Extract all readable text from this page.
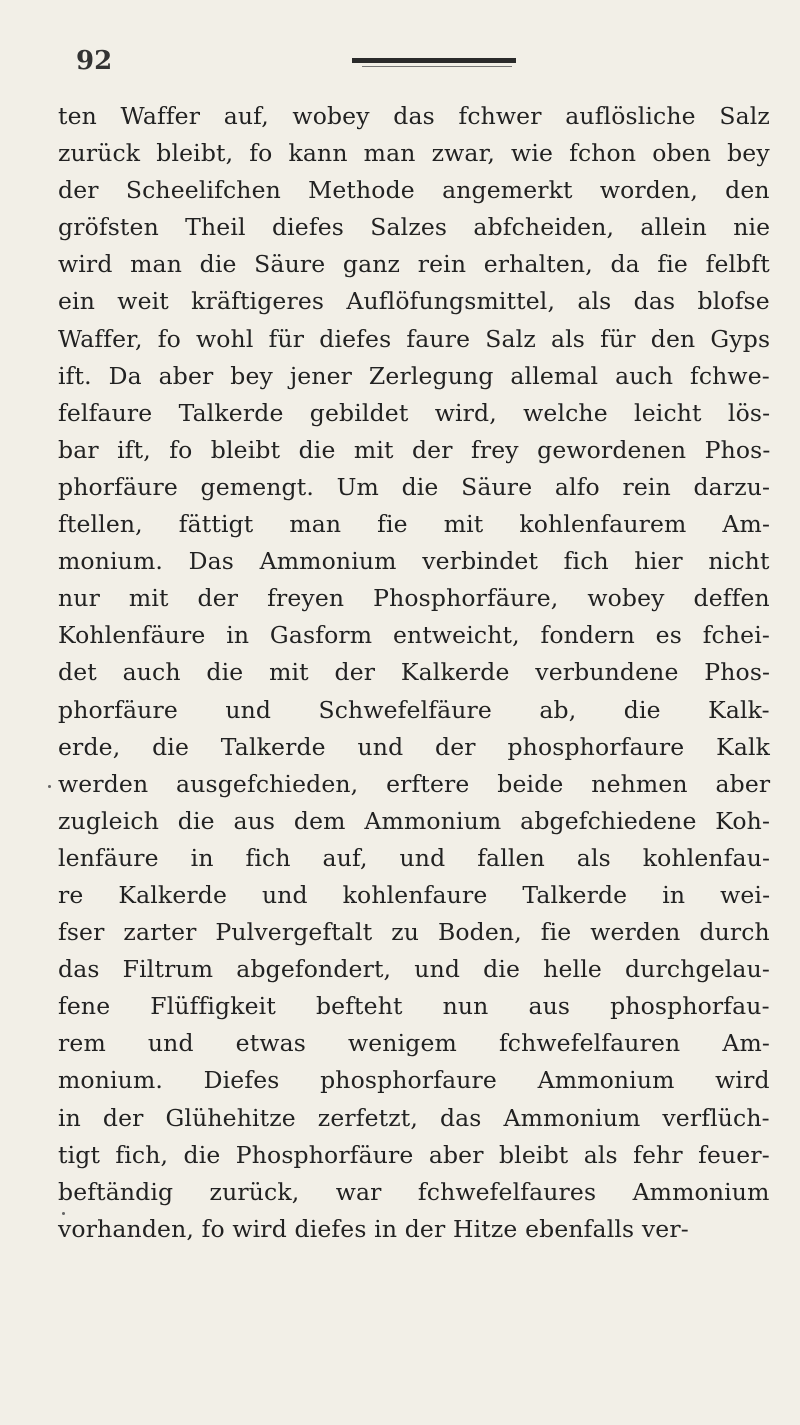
92
ten Waffer auf, wobey das fchwer auflösliche Salz
zurück bleibt, fo kann man zwar, wie fchon oben bey
der Scheelifchen Methode angemerkt worden, den
gröfsten Theil diefes Salzes abfcheiden, allein nie
wird man die Säure ganz rein erhalten, da fie felbft
ein weit kräftigeres Auflöfungsmittel, als das blofse
Waffer, fo wohl für diefes faure Salz als für den Gyps
ift. Da aber bey jener Zerlegung allemal auch fchwe-
felfaure Talkerde gebildet wird, welche leicht lös-
bar ift, fo bleibt die mit der frey gewordenen Phos-
phorfäure gemengt. Um die Säure alfo rein darzu-
ftellen, fättigt man fie mit kohlenfaurem Am-
monium. Das Ammonium verbindet fich hier nicht
nur mit der freyen Phosphorfäure, wobey deffen
Kohlenfäure in Gasform entweicht, fondern es fchei-
det auch die mit der Kalkerde verbundene Phos-
phorfäure und Schwefelfäure ab, die Kalk-
erde, die Talkerde und der phosphorfaure Kalk
werden ausgefchieden, erftere beide nehmen aber
zugleich die aus dem Ammonium abgefchiedene Koh-
lenfäure in fich auf, und fallen als kohlenfau-
re Kalkerde und kohlenfaure Talkerde in wei-
fser zarter Pulvergeftalt zu Boden, fie werden durch
das Filtrum abgefondert, und die helle durchgelau-
fene Flüffigkeit befteht nun aus phosphorfau-
rem und etwas wenigem fchwefelfauren Am-
monium. Diefes phosphorfaure Ammonium wird
in der Glühehitze zerfetzt, das Ammonium verflüch-
tigt fich, die Phosphorfäure aber bleibt als fehr feuer-
beftändig zurück, war fchwefelfaures Ammonium
vorhanden, fo wird diefes in der Hitze ebenfalls ver-
